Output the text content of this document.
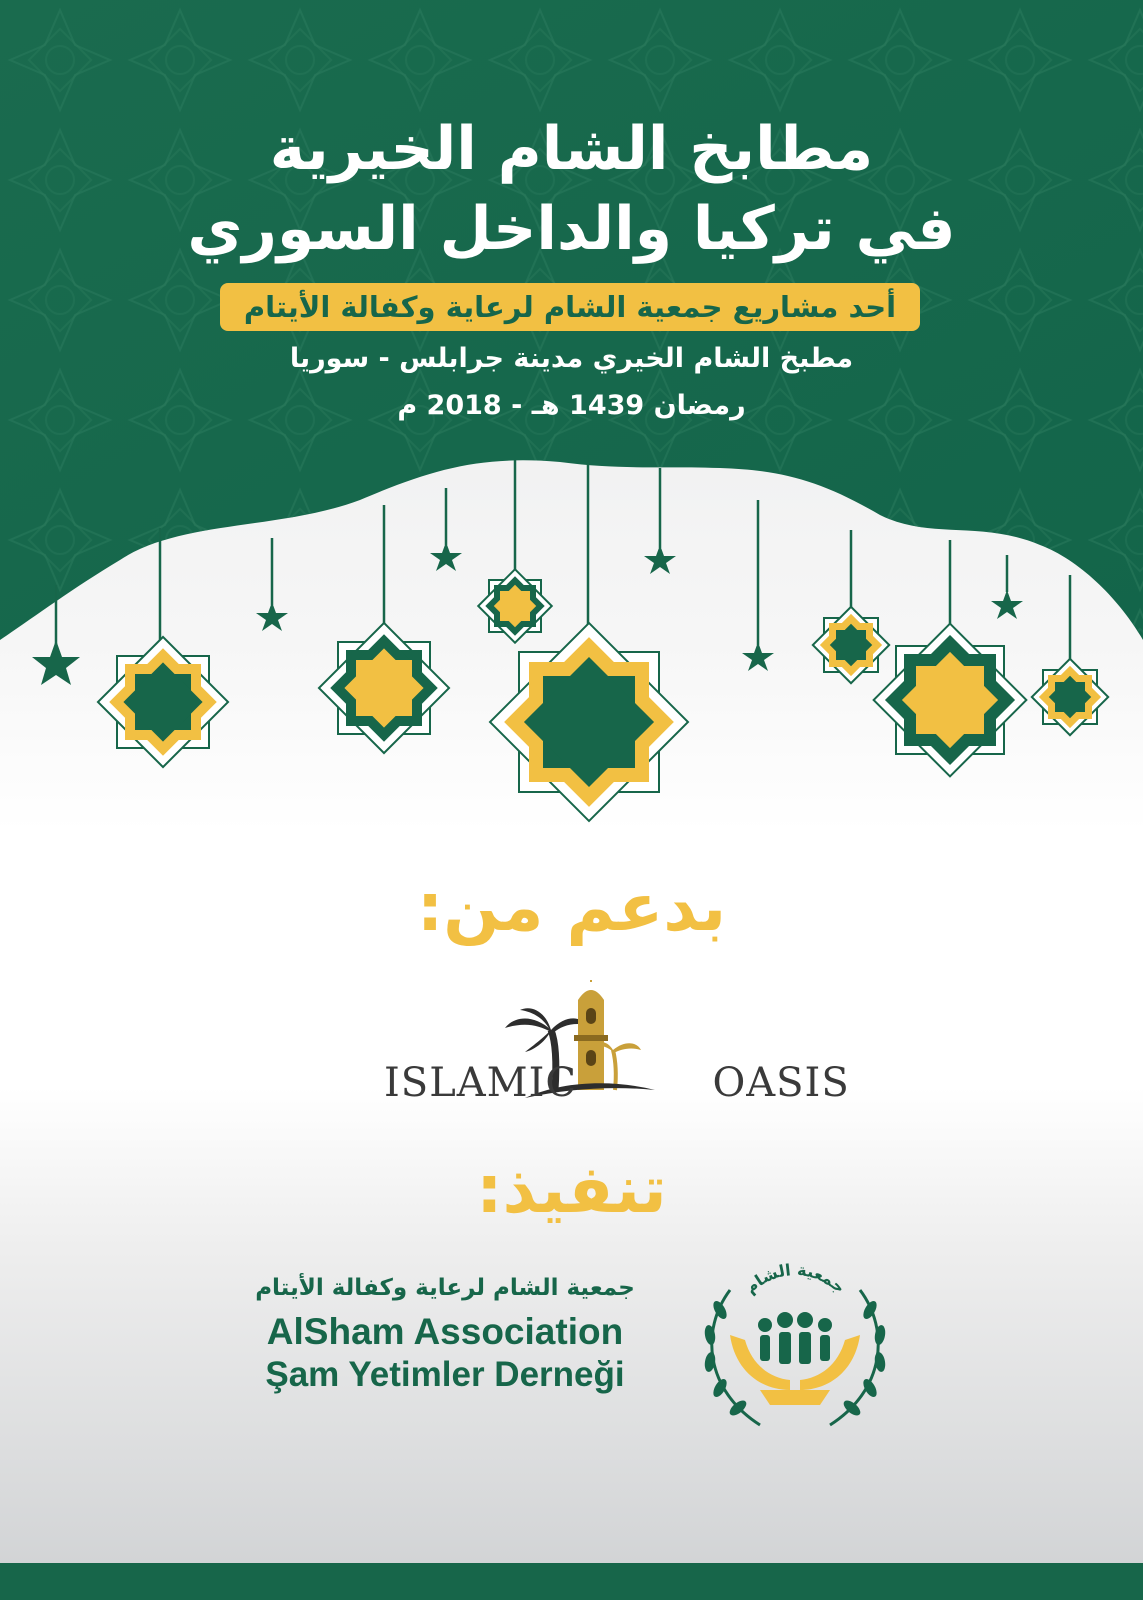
مطابخ الشام الخيرية
في تركيا والداخل السوري
أحد مشاريع جمعية الشام لرعاية وكفالة الأيتام
مطبخ الشام الخيري مدينة جرابلس - سوريا
رمضان 1439 هـ - 2018 م
بدعم من:
ISLAMIC	OASIS
تنفيذ:
جمعية الشام لرعاية وكفالة الأيتام
AlSham Association
Şam Yetimler Derneği
جمعية الشام
